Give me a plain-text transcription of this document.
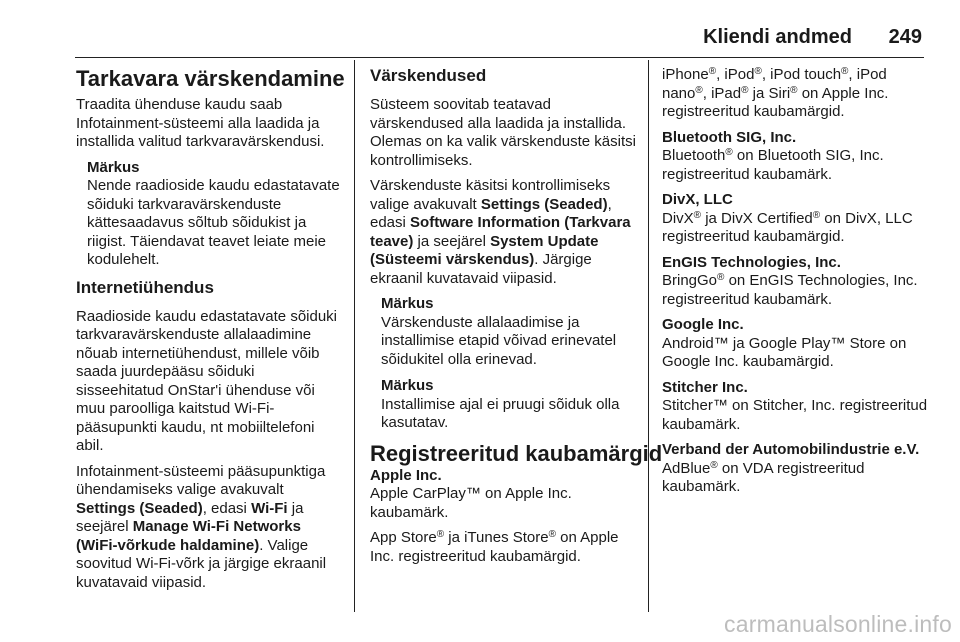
Kliendi andmed 249
Tarkavara värskendamine

Traadita ühenduse kaudu saab Infotainment-süsteemi alla laadida ja installida valitud tarkvaravärskendusi.

Märkus

Nende raadioside kaudu edastatavate sõiduki tarkvaravärskenduste kättesaadavus sõltub sõidukist ja riigist. Täiendavat teavet leiate meie kodulehelt.

Internetiühendus

Raadioside kaudu edastatavate sõiduki tarkvaravärskenduste allalaadimine nõuab internetiühendust, millele võib saada juurdepääsu sõiduki sisseehitatud OnStar'i ühenduse või muu paroolliga kaitstud Wi-Fi-pääsupunkti kaudu, nt mobiiltelefoni abil.

Infotainment-süsteemi pääsupunktiga ühendamiseks valige avakuvalt Settings (Seaded), edasi Wi-Fi ja seejärel Manage Wi-Fi Networks (WiFi-võrkude haldamine). Valige soovitud Wi-Fi-võrk ja järgige ekraanil kuvatavaid viipasid.

Värskendused

Süsteem soovitab teatavad värskendused alla laadida ja installida. Olemas on ka valik värskenduste käsitsi kontrollimiseks.

Värskenduste käsitsi kontrollimiseks valige avakuvalt Settings (Seaded), edasi Software Information (Tarkvara teave) ja seejärel System Update (Süsteemi värskendus). Järgige ekraanil kuvatavaid viipasid.

Märkus

Värskenduste allalaadimise ja installimise etapid võivad erinevatel sõidukitel olla erinevad.

Märkus

Installimise ajal ei pruugi sõiduk olla kasutatav.

Registreeritud kaubamärgid
Apple Inc.

Apple CarPlay™ on Apple Inc. kaubamärk.

App Store® ja iTunes Store® on Apple Inc. registreeritud kaubamärgid.

iPhone®, iPod®, iPod touch®, iPod nano®, iPad® ja Siri® on Apple Inc. registreeritud kaubamärgid.

Bluetooth SIG, Inc.

Bluetooth® on Bluetooth SIG, Inc. registreeritud kaubamärk.

DivX, LLC

DivX® ja DivX Certified® on DivX, LLC registreeritud kaubamärgid.

EnGIS Technologies, Inc.

BringGo® on EnGIS Technologies, Inc. registreeritud kaubamärk.

Google Inc.

Android™ ja Google Play™ Store on Google Inc. kaubamärgid.

Stitcher Inc.

Stitcher™ on Stitcher, Inc. registreeritud kaubamärk.

Verband der Automobilindustrie e.V.

AdBlue® on VDA registreeritud kaubamärk.

carmanualsonline.info
